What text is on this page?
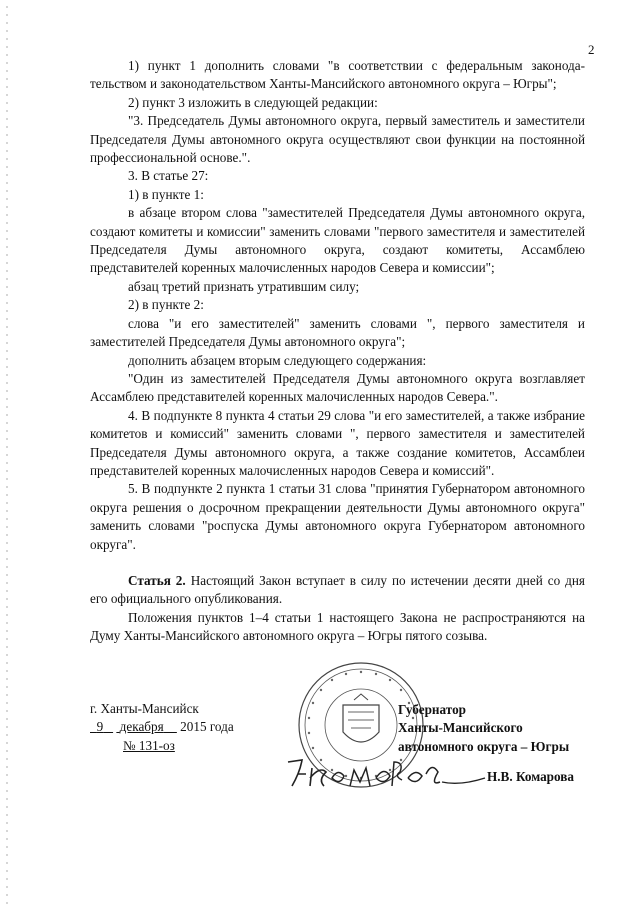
2

1) пункт 1 дополнить словами "в соответствии с федеральным законода-тельством и законодательством Ханты-Мансийского автономного округа – Югры";

2) пункт 3 изложить в следующей редакции:

"3. Председатель Думы автономного округа, первый заместитель и заместители Председателя Думы автономного округа осуществляют свои функции на постоянной профессиональной основе.".

3. В статье 27:

1) в пункте 1:

в абзаце втором слова "заместителей Председателя Думы автономного округа, создают комитеты и комиссии" заменить словами "первого заместителя и заместителей Председателя Думы автономного округа, создают комитеты, Ассамблею представителей коренных малочисленных народов Севера и комиссии";

абзац третий признать утратившим силу;

2) в пункте 2:

слова "и его заместителей" заменить словами ", первого заместителя и заместителей Председателя Думы автономного округа";

дополнить абзацем вторым следующего содержания:

"Один из заместителей Председателя Думы автономного округа возглавляет Ассамблею представителей коренных малочисленных народов Севера.".

4. В подпункте 8 пункта 4 статьи 29 слова "и его заместителей, а также избрание комитетов и комиссий" заменить словами ", первого заместителя и заместителей Председателя Думы автономного округа, а также создание комитетов, Ассамблеи представителей коренных малочисленных народов Севера и комиссий".

5. В подпункте 2 пункта 1 статьи 31 слова "принятия Губернатором автономного округа решения о досрочном прекращении деятельности Думы автономного округа" заменить словами "роспуска Думы автономного округа Губернатором автономного округа".

Статья 2. Настоящий Закон вступает в силу по истечении десяти дней со дня его официального опубликования.

Положения пунктов 1–4 статьи 1 настоящего Закона не распространяются на Думу Ханты-Мансийского автономного округа – Югры пятого созыва.

г. Ханты-Мансийск
9 декабря 2015 года
№ 131-оз
Губернатор
Ханты-Мансийского
автономного округа – Югры
Н.В. Комарова
